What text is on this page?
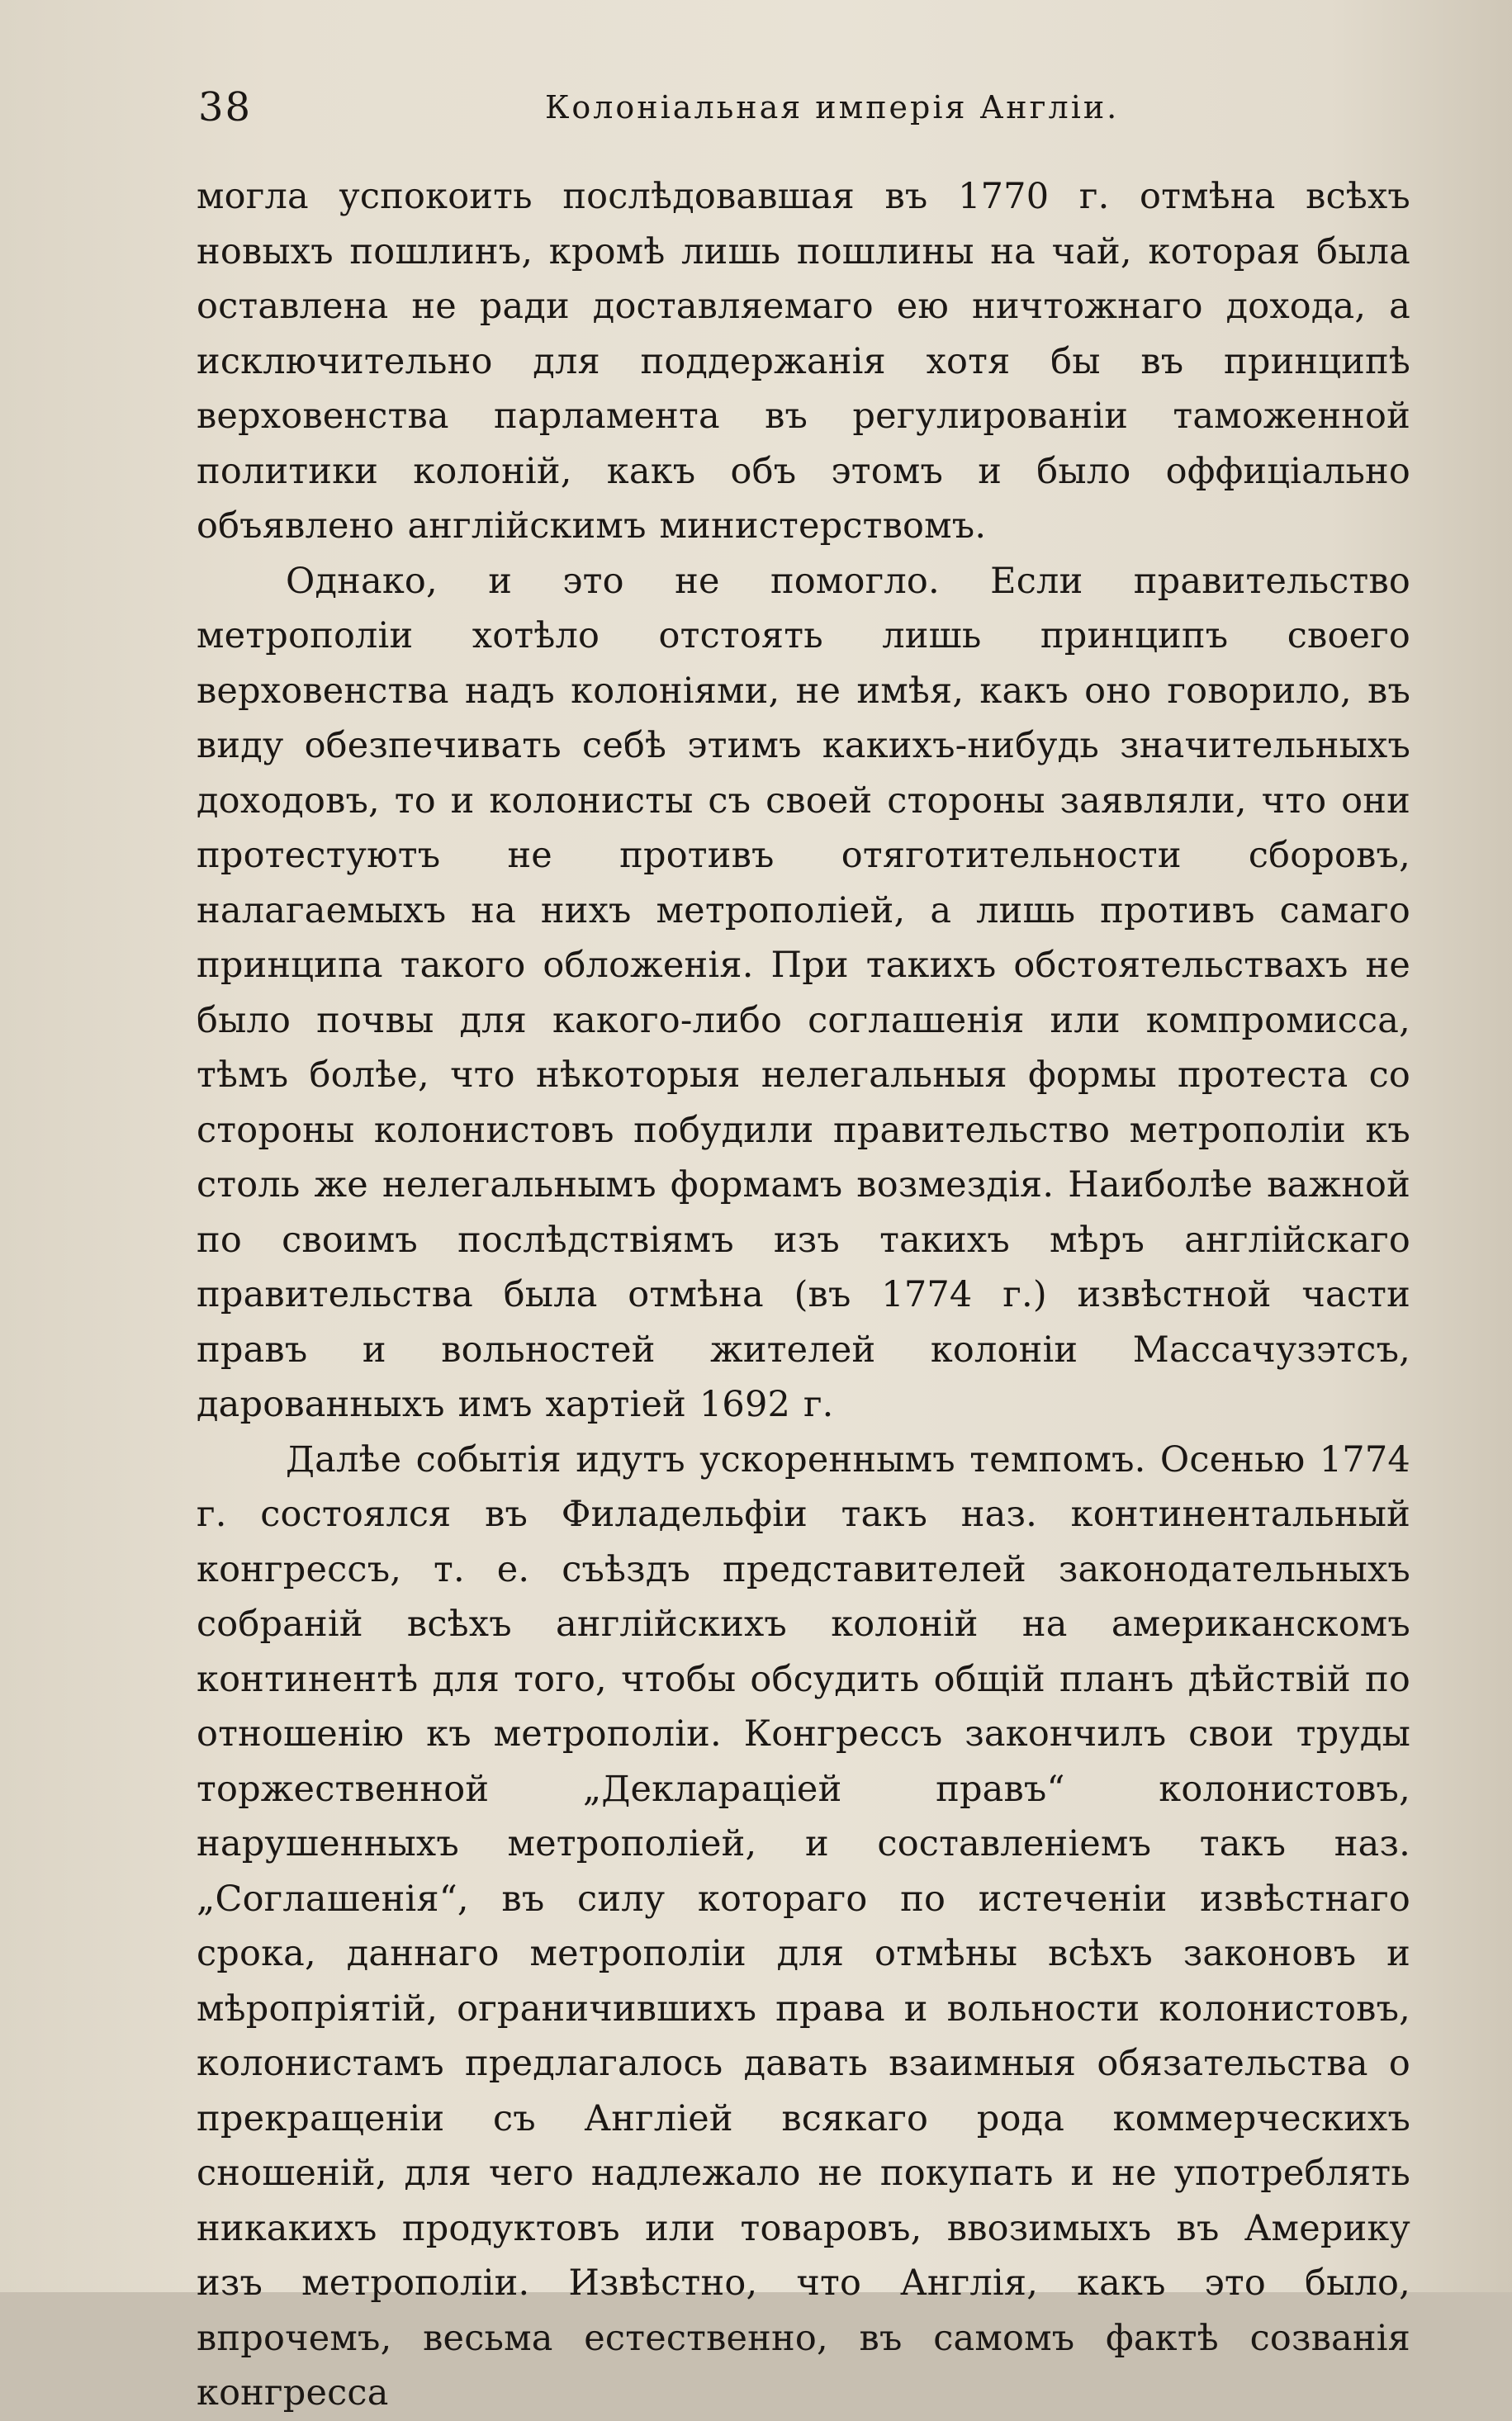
38	Колоніальная имперія Англіи.

могла успокоить послѣдовавшая въ 1770 г. отмѣна всѣхъ новыхъ пошлинъ, кромѣ лишь пошлины на чай, которая была оставлена не ради доставляемаго ею ничтожнаго дохода, а исключительно для поддержанія хотя бы въ принципѣ верховенства парламента въ регулированіи таможенной политики колоній, какъ объ этомъ и было оффиціально объявлено англійскимъ министерствомъ.

Однако, и это не помогло. Если правительство метрополіи хотѣло отстоять лишь принципъ своего верховенства надъ колоніями, не имѣя, какъ оно говорило, въ виду обезпечивать себѣ этимъ какихъ-нибудь значительныхъ доходовъ, то и колонисты съ своей стороны заявляли, что они протестуютъ не противъ отяготительности сборовъ, налагаемыхъ на нихъ метрополіей, а лишь противъ самаго принципа такого обложенія. При такихъ обстоятельствахъ не было почвы для какого-либо соглашенія или компромисса, тѣмъ болѣе, что нѣкоторыя нелегальныя формы протеста со стороны колонистовъ побудили правительство метрополіи къ столь же нелегальнымъ формамъ возмездія. Наиболѣе важной по своимъ послѣдствіямъ изъ такихъ мѣръ англійскаго правительства была отмѣна (въ 1774 г.) извѣстной части правъ и вольностей жителей колоніи Массачузэтсъ, дарованныхъ имъ хартіей 1692 г.

Далѣе событія идутъ ускореннымъ темпомъ. Осенью 1774 г. состоялся въ Филадельфіи такъ наз. континентальный конгрессъ, т. е. съѣздъ представителей законодательныхъ собраній всѣхъ англійскихъ колоній на американскомъ континентѣ для того, чтобы обсудить общій планъ дѣйствій по отношенію къ метрополіи. Конгрессъ закончилъ свои труды торжественной „Декларацiей правъ“ колонистовъ, нарушенныхъ метрополіей, и составленіемъ такъ наз. „Соглашенія“, въ силу котораго по истеченіи извѣстнаго срока, даннаго метрополіи для отмѣны всѣхъ законовъ и мѣропріятій, ограничившихъ права и вольности колонистовъ, колонистамъ предлагалось давать взаимныя обязательства о прекращеніи съ Англіей всякаго рода коммерческихъ сношеній, для чего надлежало не покупать и не употреблять никакихъ продуктовъ или товаровъ, ввозимыхъ въ Америку изъ метрополіи. Извѣстно, что Англія, какъ это было, впрочемъ, весьма естественно, въ самомъ фактѣ созванія конгресса
